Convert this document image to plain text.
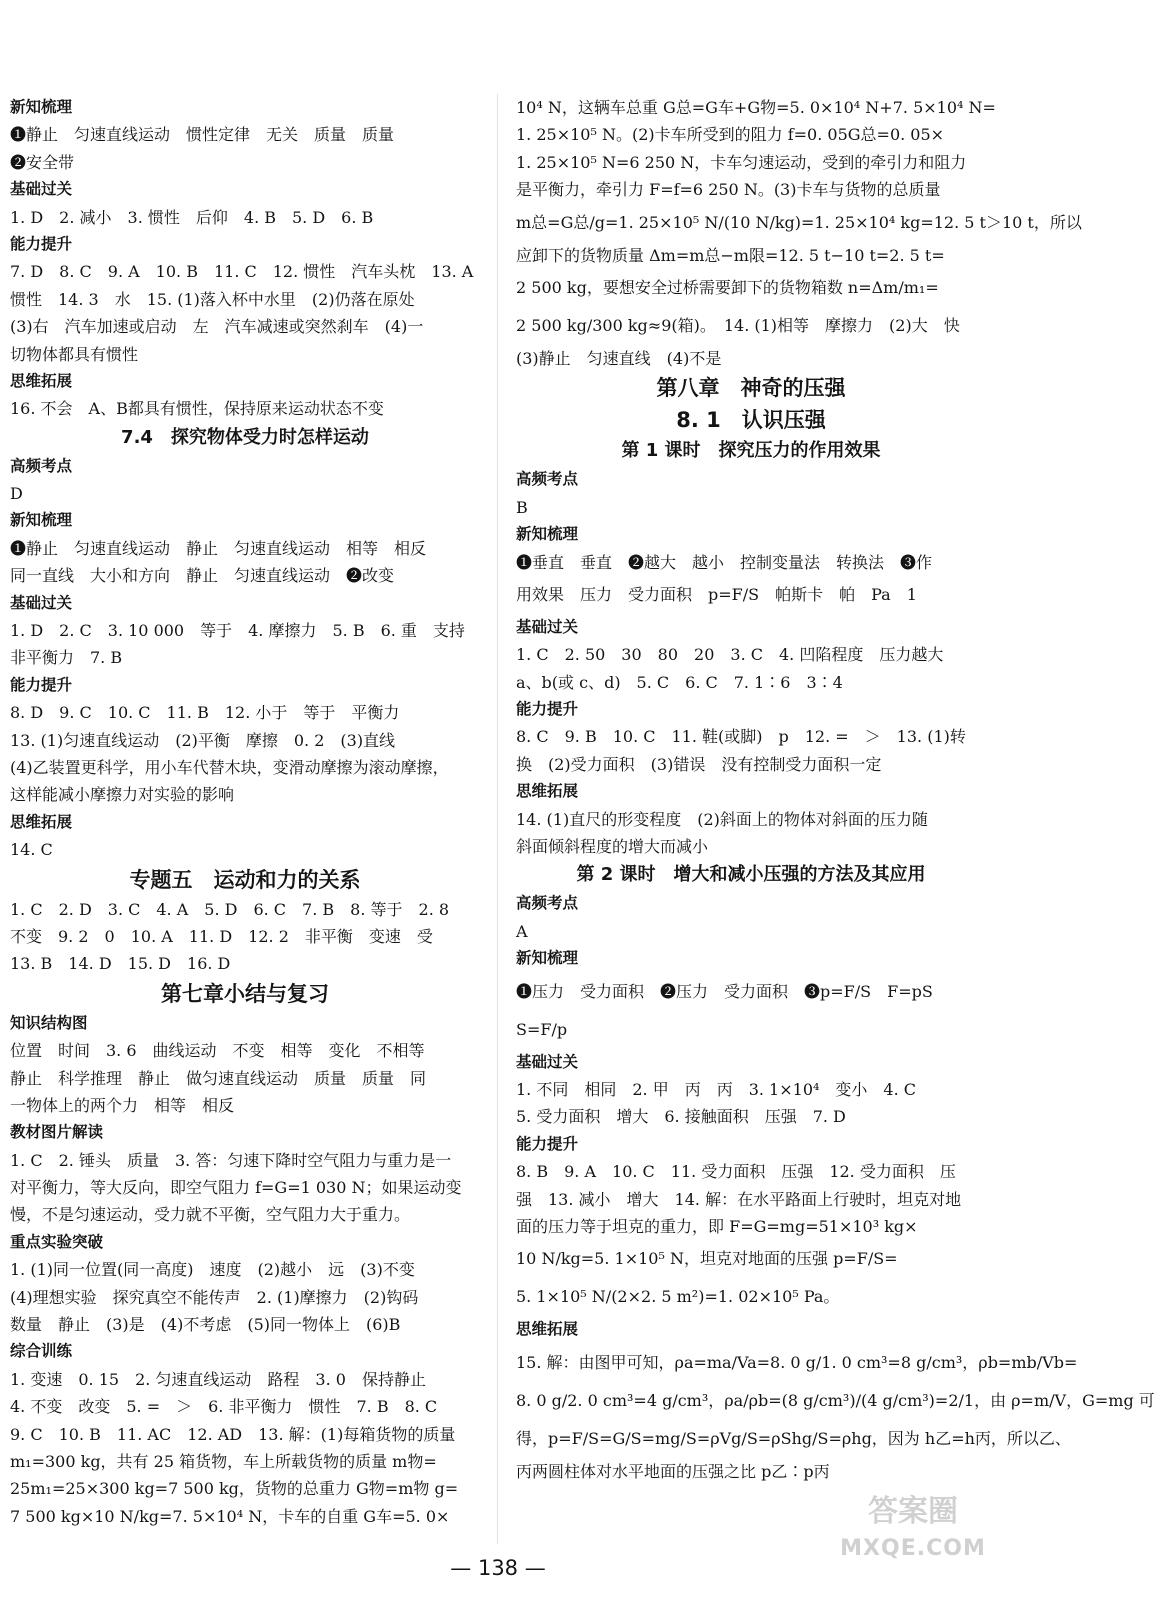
新知梳理
❶静止　匀速直线运动　惯性定律　无关　质量　质量
❷安全带
基础过关
1. D　2. 减小　3. 惯性　后仰　4. B　5. D　6. B
能力提升
7. D　8. C　9. A　10. B　11. C　12. 惯性　汽车头枕　13. A
惯性　14. 3　水　15. (1)落入杯中水里　(2)仍落在原处
(3)右　汽车加速或启动　左　汽车减速或突然刹车　(4)一
切物体都具有惯性
思维拓展
16. 不会　A、B都具有惯性，保持原来运动状态不变
7.4　探究物体受力时怎样运动
高频考点
D
新知梳理
❶静止　匀速直线运动　静止　匀速直线运动　相等　相反
同一直线　大小和方向　静止　匀速直线运动　❷改变
基础过关
1. D　2. C　3. 10 000　等于　4. 摩擦力　5. B　6. 重　支持
非平衡力　7. B
能力提升
8. D　9. C　10. C　11. B　12. 小于　等于　平衡力
13. (1)匀速直线运动　(2)平衡　摩擦　0. 2　(3)直线
(4)乙装置更科学，用小车代替木块，变滑动摩擦为滚动摩擦，
这样能减小摩擦力对实验的影响
思维拓展
14. C
专题五　运动和力的关系
1. C　2. D　3. C　4. A　5. D　6. C　7. B　8. 等于　2. 8
不变　9. 2　0　10. A　11. D　12. 2　非平衡　变速　受
13. B　14. D　15. D　16. D
第七章小结与复习
知识结构图
位置　时间　3. 6　曲线运动　不变　相等　变化　不相等
静止　科学推理　静止　做匀速直线运动　质量　质量　同
一物体上的两个力　相等　相反
教材图片解读
1. C　2. 锤头　质量　3. 答：匀速下降时空气阻力与重力是一
对平衡力，等大反向，即空气阻力 f=G=1 030 N；如果运动变
慢，不是匀速运动，受力就不平衡，空气阻力大于重力。
重点实验突破
1. (1)同一位置(同一高度)　速度　(2)越小　远　(3)不变
(4)理想实验　探究真空不能传声　2. (1)摩擦力　(2)钩码
数量　静止　(3)是　(4)不考虑　(5)同一物体上　(6)B
综合训练
1. 变速　0. 15　2. 匀速直线运动　路程　3. 0　保持静止
4. 不变　改变　5. =　＞　6. 非平衡力　惯性　7. B　8. C
9. C　10. B　11. AC　12. AD　13. 解：(1)每箱货物的质量
m₁=300 kg，共有 25 箱货物，车上所载货物的质量 m物=
25m₁=25×300 kg=7 500 kg，货物的总重力 G物=m物 g=
7 500 kg×10 N/kg=7. 5×10⁴ N，卡车的自重 G车=5. 0×
10⁴ N，这辆车总重 G总=G车+G物=5. 0×10⁴ N+7. 5×10⁴ N=
1. 25×10⁵ N。(2)卡车所受到的阻力 f=0. 05G总=0. 05×
1. 25×10⁵ N=6 250 N，卡车匀速运动，受到的牵引力和阻力
是平衡力，牵引力 F=f=6 250 N。(3)卡车与货物的总质量
m总=G总/g=1. 25×10⁵ N/(10 N/kg)=1. 25×10⁴ kg=12. 5 t＞10 t，所以
应卸下的货物质量 Δm=m总−m限=12. 5 t−10 t=2. 5 t=
2 500 kg，要想安全过桥需要卸下的货物箱数 n=Δm/m₁=
2 500 kg/300 kg≈9(箱)。　14. (1)相等　摩擦力　(2)大　快
(3)静止　匀速直线　(4)不是
第八章　神奇的压强
8. 1　认识压强
第 1 课时　探究压力的作用效果
高频考点
B
新知梳理
❶垂直　垂直　❷越大　越小　控制变量法　转换法　❸作
用效果　压力　受力面积　p=F/S　帕斯卡　帕　Pa　1
基础过关
1. C　2. 50　30　80　20　3. C　4. 凹陷程度　压力越大
a、b(或 c、d)　5. C　6. C　7. 1∶6　3∶4
能力提升
8. C　9. B　10. C　11. 鞋(或脚)　p　12. =　＞　13. (1)转
换　(2)受力面积　(3)错误　没有控制受力面积一定
思维拓展
14. (1)直尺的形变程度　(2)斜面上的物体对斜面的压力随
斜面倾斜程度的增大而减小
第 2 课时　增大和减小压强的方法及其应用
高频考点
A
新知梳理
❶压力　受力面积　❷压力　受力面积　❸p=F/S　F=pS
S=F/p
基础过关
1. 不同　相同　2. 甲　丙　丙　3. 1×10⁴　变小　4. C
5. 受力面积　增大　6. 接触面积　压强　7. D
能力提升
8. B　9. A　10. C　11. 受力面积　压强　12. 受力面积　压
强　13. 减小　增大　14. 解：在水平路面上行驶时，坦克对地
面的压力等于坦克的重力，即 F=G=mg=51×10³ kg×
10 N/kg=5. 1×10⁵ N，坦克对地面的压强 p=F/S=
5. 1×10⁵ N/(2×2. 5 m²)=1. 02×10⁵ Pa。
思维拓展
15. 解：由图甲可知，ρa=ma/Va=8. 0 g/1. 0 cm³=8 g/cm³，ρb=mb/Vb=
8. 0 g/2. 0 cm³=4 g/cm³，ρa/ρb=(8 g/cm³)/(4 g/cm³)=2/1，由 ρ=m/V，G=mg 可
得，p=F/S=G/S=mg/S=ρVg/S=ρShg/S=ρhg，因为 h乙=h丙，所以乙、
丙两圆柱体对水平地面的压强之比 p乙∶p丙
— 138 —
答案圈
MXQE.COM
